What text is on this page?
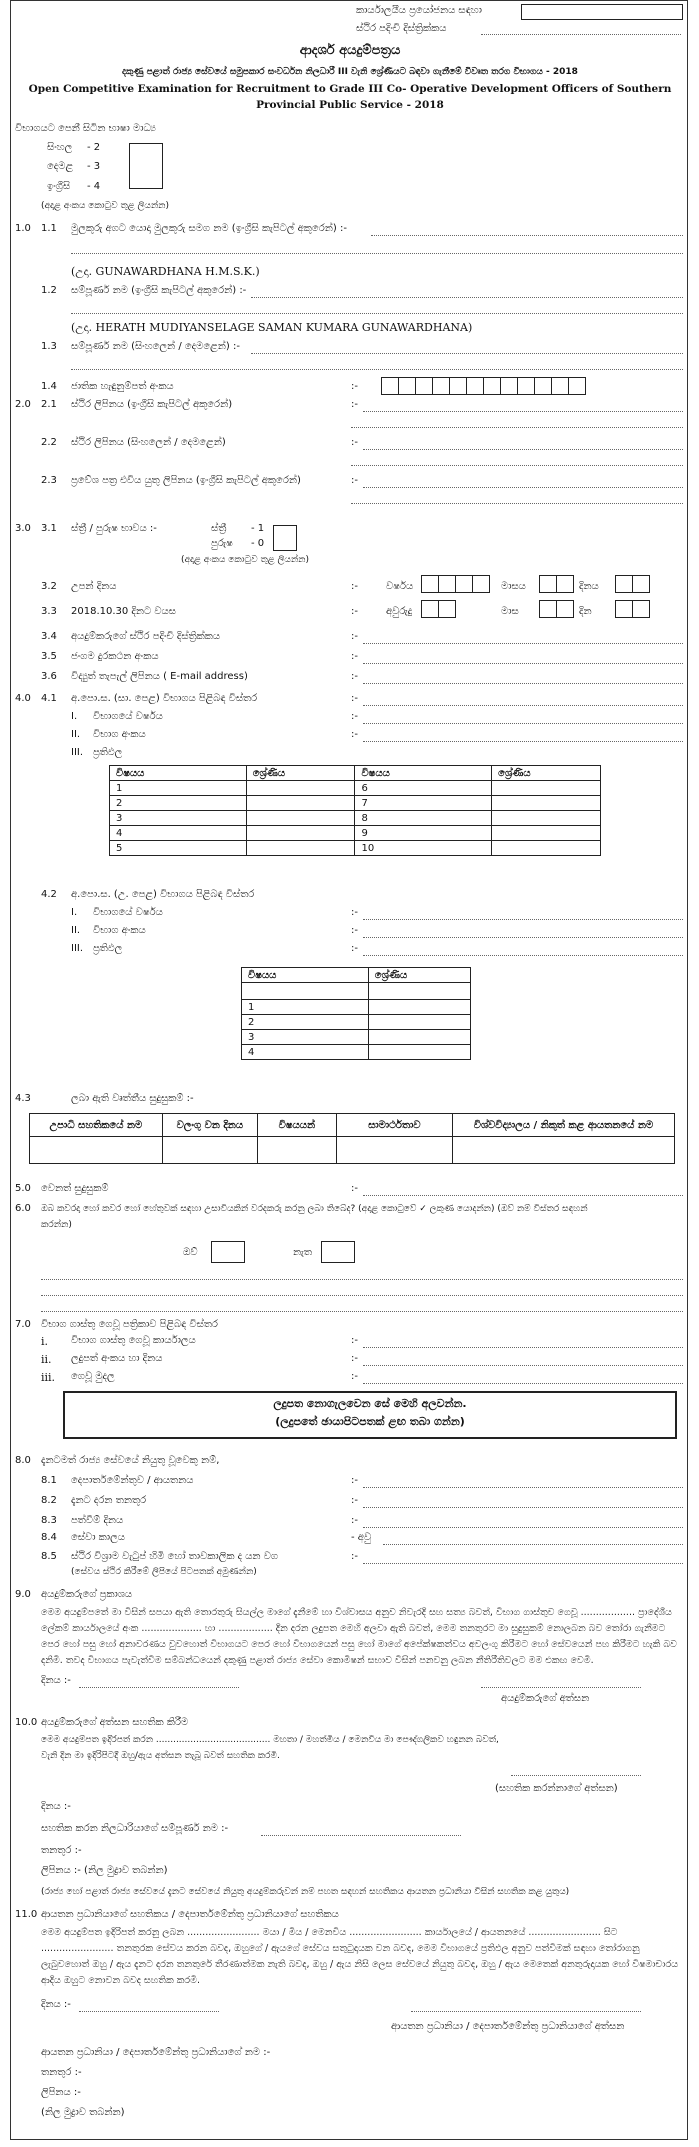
කාර්යාලයීය ප්‍රයෝජනය සඳහා
ස්ථිර පදිංචි දිස්ත්‍රික්කය
ආදර්ශ අයදුම්පත්‍රය
දකුණු පළාත් රාජ්‍ය සේවයේ සමුපකාර සංවර්ධන නිලධාරී III වැනි ශ්‍රේණියට බඳවා ගැනීමේ විවෘත තරග විභාගය - 2018
Open Competitive Examination for Recruitment to Grade III Co- Operative Development Officers of Southern
Provincial Public Service - 2018
විභාගයට පෙනී සිටින භාෂා මාධ්‍ය
සිංහල - 2
දෙමළ - 3
ඉංග්‍රීසි - 4
(අදාළ අංකය කොටුව තුළ ලියන්න)
1.0 1.1 මුලකුරු අගට යොදා මුලකුරු සමග නම (ඉංග්‍රීසි කැපිටල් අකුරෙන්) :-
(උදා. GUNAWARDHANA H.M.S.K.)
1.2 සම්පූර්ණ නම (ඉංග්‍රීසි කැපිටල් අකුරෙන්) :-
(උදා. HERATH MUDIYANSELAGE SAMAN KUMARA GUNAWARDHANA)
1.3 සම්පූර්ණ නම (සිංහලෙන් / දෙමළෙන්) :-
1.4 ජාතික හැඳුනුම්පත් අංකය	:-
2.0 2.1 ස්ථිර ලිපිනය (ඉංග්‍රීසි කැපිටල් අකුරෙන්)	:-
2.2 ස්ථිර ලිපිනය (සිංහලෙන් / දෙමළෙන්)	:-
2.3 ප්‍රවේශ පත්‍ර එවිය යුතු ලිපිනය (ඉංග්‍රීසි කැපිටල් අකුරෙන්)	:-
3.0 3.1 ස්ත්‍රී / පුරුෂ භාවය :-	ස්ත්‍රී - 1
පුරුෂ - 0
(අදාළ අංකය කොටුව තුළ ලියන්න)
3.2 උපන් දිනය	:-	වර්ෂය	මාසය	දිනය
3.3 2018.10.30 දිනට වයස	:-	අවුරුදු	මාස	දින
3.4 අයදුම්කරුගේ ස්ථිර පදිංචි දිස්ත්‍රික්කය	:-
3.5 ජංගම දුරකථන අංකය	:-
3.6 විද්‍යුත් තැපැල් ලිපිනය ( E-mail address)	:-
4.0 4.1 අ.පො.ස. (සා. පෙළ) විභාගය පිළිබඳ විස්තර	:-
I. විභාගයේ වර්ෂය	:-
II. විභාග අංකය	:-
III. ප්‍රතිඵල
විෂයය	ශ්‍රේණිය	විෂයය	ශ්‍රේණිය
1		6	
2		7	
3		8	
4		9	
5		10	
4.2 අ.පො.ස. (උ. පෙළ) විභාගය පිළිබඳ විස්තර
I. විභාගයේ වර්ෂය	:-
II. විභාග අංකය	:-
III. ප්‍රතිඵල	:-
විෂයය	ශ්‍රේණිය

1	
2	
3	
4	
4.3	ලබා ඇති වෘත්තීය සුදුසුකම් :-
උපාධි සහතිකයේ නම	වලංගු වන දිනය	විෂයයන්	සාමාර්ථතාව	විශ්වවිද්‍යාලය / නිකුත් කළ ආයතනයේ නම

5.0 වෙනත් සුදුසුකම්	:-
6.0 ඔබ කවරදා හෝ කවර හෝ හේතුවක් සඳහා උසාවියකින් වරදකරු කරනු ලබා තිබේද? (අදාළ කොටුවේ ✓ ලකුණ යොදන්න) (ඔව් නම් විස්තර සඳහන්
කරන්න)
ඔව්	නැත
7.0 විභාග ගාස්තු ගෙවූ පත්‍රිකාව පිළිබඳ විස්තර
i. විභාග ගාස්තු ගෙවූ කාර්යාලය	:-
ii. ලදුපත් අංකය හා දිනය	:-
iii. ගෙවූ මුදල	:-
ලදුපත නොගැලවෙන සේ මෙහි අලවන්න.
(ලදුපතේ ඡායාපිටපතක් ළඟ තබා ගන්න)
8.0 දැනටමත් රාජ්‍ය සේවයේ නියුතු වූවෙකු නම්,
8.1 දෙපාර්තමේන්තුව / ආයතනය	:-
8.2 දැනට දරන තනතුර	:-
8.3 පත්වීම් දිනය	:-
8.4 සේවා කාලය	- අවු
8.5 ස්ථිර විශ්‍රාම වැටුප් හිමි හෝ තාවකාලික ද යන වග	:-
(සේවය ස්ථිර කිරීමේ ලිපියේ පිටපතක් අමුණන්න)
9.0 අයදුම්කරුගේ ප්‍රකාශය
මෙම අයදුම්පතේ මා විසින් සපයා ඇති තොරතුරු සියල්ල මාගේ දැනීමේ හා විශ්වාසය අනුව නිවැරදි සහ සත්‍ය බවත්, විභාග ගාස්තුව ගෙවූ .................. ප්‍රාදේශීය ලේකම් කාර්යාලයේ අංක .................... හා .................. දින දරන ලදුපත මෙහි අලවා ඇති බවත්, මෙම තනතුරට මා සුදුසුකම් නොලබන බව තෝරා ගැනීමට පෙර හෝ පසු හෝ අනාවරණය වුවහොත් විභාගයට පෙර හෝ විභාගයෙන් පසු හෝ මාගේ අපේක්ෂකත්වය අවලංගු කිරීමට හෝ සේවයෙන් පහ කිරීමට හැකි බව දනිමි. තවද විභාගය පැවැත්වීම සම්බන්ධයෙන් දකුණු පළාත් රාජ්‍ය සේවා කොමිෂන් සභාව විසින් පනවනු ලබන නීතිරීතිවලට මම එකඟ වෙමි.
දිනය :-
අයදුම්කරුගේ අත්සන
10.0 අයදුම්කරුගේ අත්සන සහතික කිරීම
මෙම අයදුම්පත ඉදිරිපත් කරන ........................................ මහතා / මහත්මිය / මෙනවිය මා පෞද්ගලිකව හඳුනන බවත්,
වැනි දින මා ඉදිරිපිටදී ඔහු/ඇය අත්සන තැබූ බවත් සහතික කරමි.
(සහතික කරන්නාගේ අත්සන)
දිනය :-
සහතික කරන නිලධාරියාගේ සම්පූර්ණ නම :-
තනතුර :-
ලිපිනය :- (නිල මුද්‍රාව තබන්න)
(රාජ්‍ය හෝ පළාත් රාජ්‍ය සේවයේ දැනට සේවයේ නියුතු අයදුම්කරුවන් නම් පහත සඳහන් සහතිකය ආයතන ප්‍රධානියා විසින් සහතික කළ යුතුය)
11.0 ආයතන ප්‍රධානියාගේ සහතිකය / දෙපාර්තමේන්තු ප්‍රධානියාගේ සහතිකය
මෙම අයදුම්පත ඉදිරිපත් කරනු ලබන ........................ මයා / මිය / මෙනවිය ........................ කාර්යාලයේ / ආයතනයේ ........................ සිට ........................ තනතුරක සේවය කරන බවද, ඔහුගේ / ඇයගේ සේවය සතුටුදායක වන බවද, මෙම විභාගයේ ප්‍රතිඵල අනුව පත්වීමක් සඳහා තෝරාගනු ලැබුවහොත් ඔහු / ඇය දැනට දරන තනතුරේ තීරණාත්මක නැති බවද, ඔහු / ඇය නිසි ලෙස සේවයේ නියුතු බවද, ඔහු / ඇය මෙතෙක් අනතුරුදායක හෝ විෂමාචාරය ආදිය ඔහුට නොවන බවද සහතික කරමි.
දිනය :-
ආයතන ප්‍රධානියා / දෙපාර්තමේන්තු ප්‍රධානියාගේ අත්සන
ආයතන ප්‍රධානියා / දෙපාර්තමේන්තු ප්‍රධානියාගේ නම :-
තනතුර :-
ලිපිනය :-
(නිල මුද්‍රාව තබන්න)
